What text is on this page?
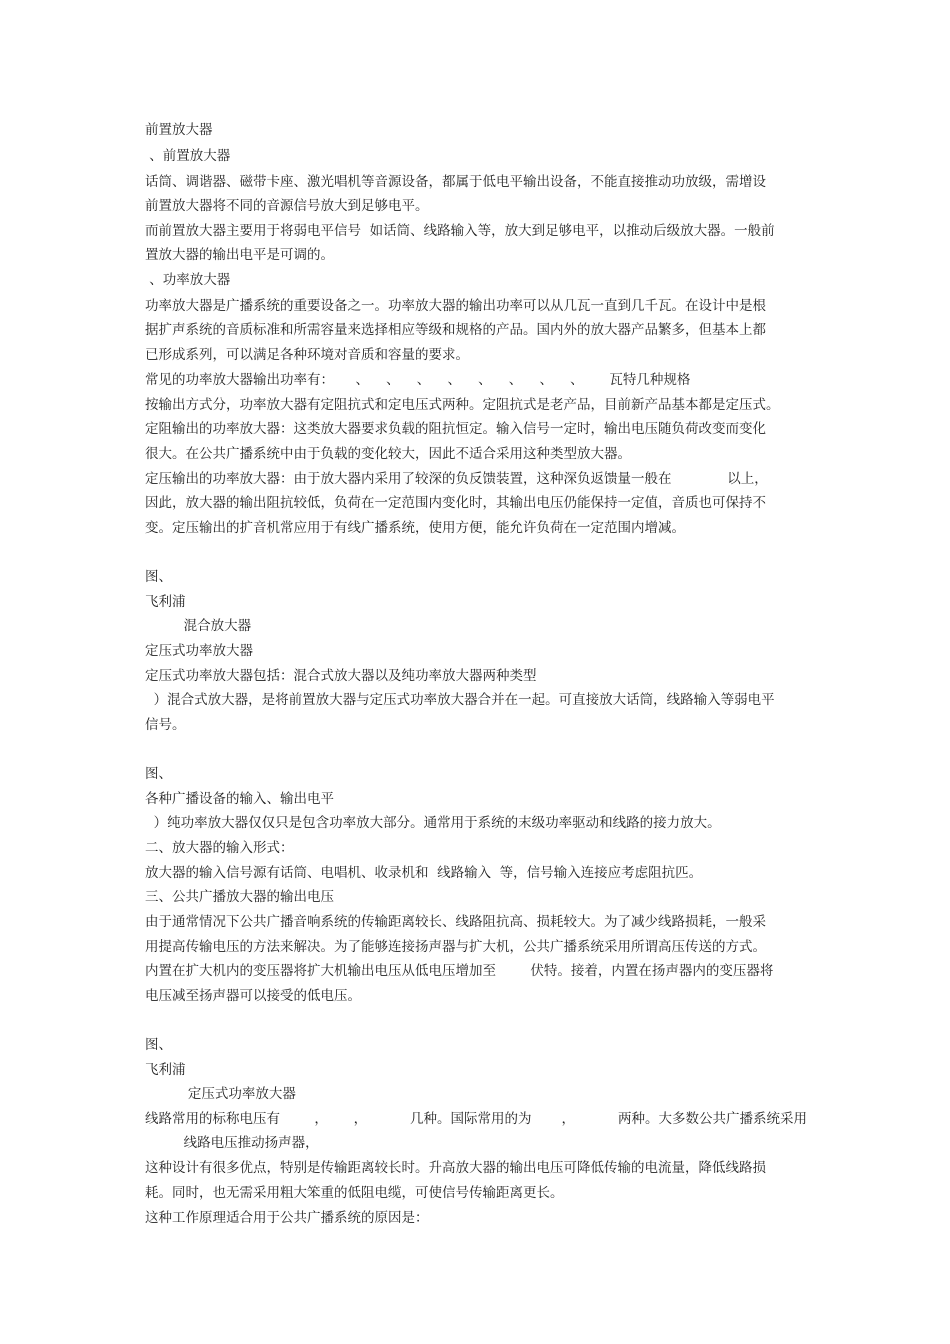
前置放大器
、前置放大器
话筒、调谐器、磁带卡座、激光唱机等音源设备，都属于低电平输出设备，不能直接推动功放级，需增设
前置放大器将不同的音源信号放大到足够电平。
而前置放大器主要用于将弱电平信号  如话筒、线路输入等，放大到足够电平，以推动后级放大器。一般前
置放大器的输出电平是可调的。
、功率放大器
功率放大器是广播系统的重要设备之一。功率放大器的输出功率可以从几瓦一直到几千瓦。在设计中是根
据扩声系统的音质标准和所需容量来选择相应等级和规格的产品。国内外的放大器产品繁多，但基本上都
已形成系列，可以满足各种环境对音质和容量的要求。
常见的功率放大器输出功率有：     、    、    、    、    、    、    、    、      瓦特几种规格
按输出方式分，功率放大器有定阻抗式和定电压式两种。定阻抗式是老产品，目前新产品基本都是定压式。
定阻输出的功率放大器：这类放大器要求负载的阻抗恒定。输入信号一定时，输出电压随负荷改变而变化
很大。在公共广播系统中由于负载的变化较大，因此不适合采用这种类型放大器。
定压输出的功率放大器：由于放大器内采用了较深的负反馈装置，这种深负返馈量一般在             以上，
因此，放大器的输出阻抗较低，负荷在一定范围内变化时，其输出电压仍能保持一定值，音质也可保持不
变。定压输出的扩音机常应用于有线广播系统，使用方便，能允许负荷在一定范围内增减。
图、
飞利浦
混合放大器
定压式功率放大器
定压式功率放大器包括：混合式放大器以及纯功率放大器两种类型
）混合式放大器，是将前置放大器与定压式功率放大器合并在一起。可直接放大话筒，线路输入等弱电平
信号。
图、
各种广播设备的输入、输出电平
）纯功率放大器仅仅只是包含功率放大部分。通常用于系统的末级功率驱动和线路的接力放大。
二、放大器的输入形式：
放大器的输入信号源有话筒、电唱机、收录机和  线路输入  等，信号输入连接应考虑阻抗匹。
三、公共广播放大器的输出电压
由于通常情况下公共广播音响系统的传输距离较长、线路阻抗高、损耗较大。为了减少线路损耗，一般采
用提高传输电压的方法来解决。为了能够连接扬声器与扩大机，公共广播系统采用所谓高压传送的方式。
内置在扩大机内的变压器将扩大机输出电压从低电压增加至        伏特。接着，内置在扬声器内的变压器将
电压减至扬声器可以接受的低电压。
图、
飞利浦
定压式功率放大器
线路常用的标称电压有        ，      ，          几种。国际常用的为       ，          两种。大多数公共广播系统采用
线路电压推动扬声器，
这种设计有很多优点，特别是传输距离较长时。升高放大器的输出电压可降低传输的电流量，降低线路损
耗。同时，也无需采用粗大笨重的低阻电缆，可使信号传输距离更长。
这种工作原理适合用于公共广播系统的原因是：
